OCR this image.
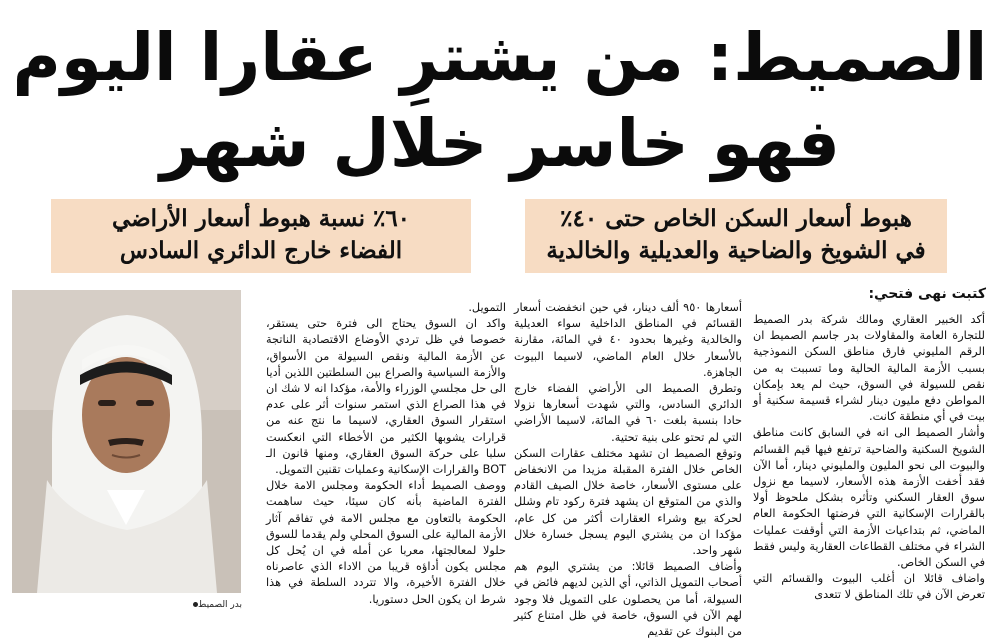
الصميط: من يشترِ عقارا اليوم
فهو خاسر خلال شهر
هبوط أسعار السكن الخاص حتى ٤٠٪
في الشويخ والضاحية والعديلية والخالدية
٦٠٪ نسبة هبوط أسعار الأراضي
الفضاء خارج الدائري السادس
كتبت نهى فتحي:

أكد الخبير العقاري ومالك شركة بدر الصميط للتجارة العامة والمقاولات بدر جاسم الصميط ان الرقم المليوني فارق مناطق السكن النموذجية بسبب الأزمة المالية الحالية وما تسببت به من نقص للسيولة في السوق، حيث لم يعد بإمكان المواطن دفع مليون دينار لشراء قسيمة سكنية أو بيت في أي منطقة كانت.

وأشار الصميط الى انه في السابق كانت مناطق الشويخ السكنية والضاحية ترتفع فيها قيم القسائم والبيوت الى نحو المليون والمليوني دينار، أما الآن فقد أخفت الأزمة هذه الأسعار، لاسيما مع نزول سوق العقار السكني وتأثره بشكل ملحوظ أولا بالقرارات الإسكانية التي فرضتها الحكومة العام الماضي، ثم بتداعيات الأزمة التي أوقفت عمليات الشراء في مختلف القطاعات العقارية وليس فقط في السكن الخاص.

واضاف قائلا ان أغلب البيوت والقسائم التي تعرض الآن في تلك المناطق لا تتعدى

أسعارها ٩٥٠ ألف دينار، في حين انخفضت أسعار القسائم في المناطق الداخلية سواء العديلية والخالدية وغيرها بحدود ٤٠ في المائة، مقارنة بالأسعار خلال العام الماضي، لاسيما البيوت الجاهزة.

وتطرق الصميط الى الأراضي الفضاء خارج الدائري السادس، والتي شهدت أسعارها نزولا حادا بنسبة بلغت ٦٠ في المائة، لاسيما الأراضي التي لم تحتو على بنية تحتية.

وتوقع الصميط ان تشهد مختلف عقارات السكن الخاص خلال الفترة المقبلة مزيدا من الانخفاض على مستوى الأسعار، خاصة خلال الصيف القادم والذي من المتوقع ان يشهد فترة ركود تام وشلل لحركة بيع وشراء العقارات أكثر من كل عام، مؤكدا ان من يشتري اليوم يسجل خسارة خلال شهر واحد.

وأضاف الصميط قائلا: من يشتري اليوم هم أصحاب التمويل الذاتي، أي الذين لديهم فائض في السيولة، أما من يحصلون على التمويل فلا وجود لهم الآن في السوق، خاصة في ظل امتناع كثير من البنوك عن تقديم

التمويل.

واكد ان السوق يحتاج الى فترة حتى يستقر، خصوصا في ظل تردي الأوضاع الاقتصادية الناتجة عن الأزمة المالية ونقص السيولة من الأسواق، والأزمة السياسية والصراع بين السلطتين اللذين أديا الى حل مجلسي الوزراء والأمة، مؤكدا انه لا شك ان في هذا الصراع الذي استمر سنوات أثر على عدم استقرار السوق العقاري، لاسيما ما نتج عنه من قرارات يشوبها الكثير من الأخطاء التي انعكست سلبا على حركة السوق العقاري، ومنها قانون الـ BOT والقرارات الإسكانية وعمليات تقنين التمويل.

ووصف الصميط أداء الحكومة ومجلس الامة خلال الفترة الماضية بأنه كان سيئا، حيث ساهمت الحكومة بالتعاون مع مجلس الامة في تفاقم آثار الأزمة المالية على السوق المحلي ولم يقدما للسوق حلولا لمعالجتها، معربا عن أمله في ان يُحل كل مجلس يكون أداؤه قريبا من الاداء الذي عاصرناه خلال الفترة الأخيرة، والا تتردد السلطة في هذا شرط ان يكون الحل دستوريا.

بدر الصميط
